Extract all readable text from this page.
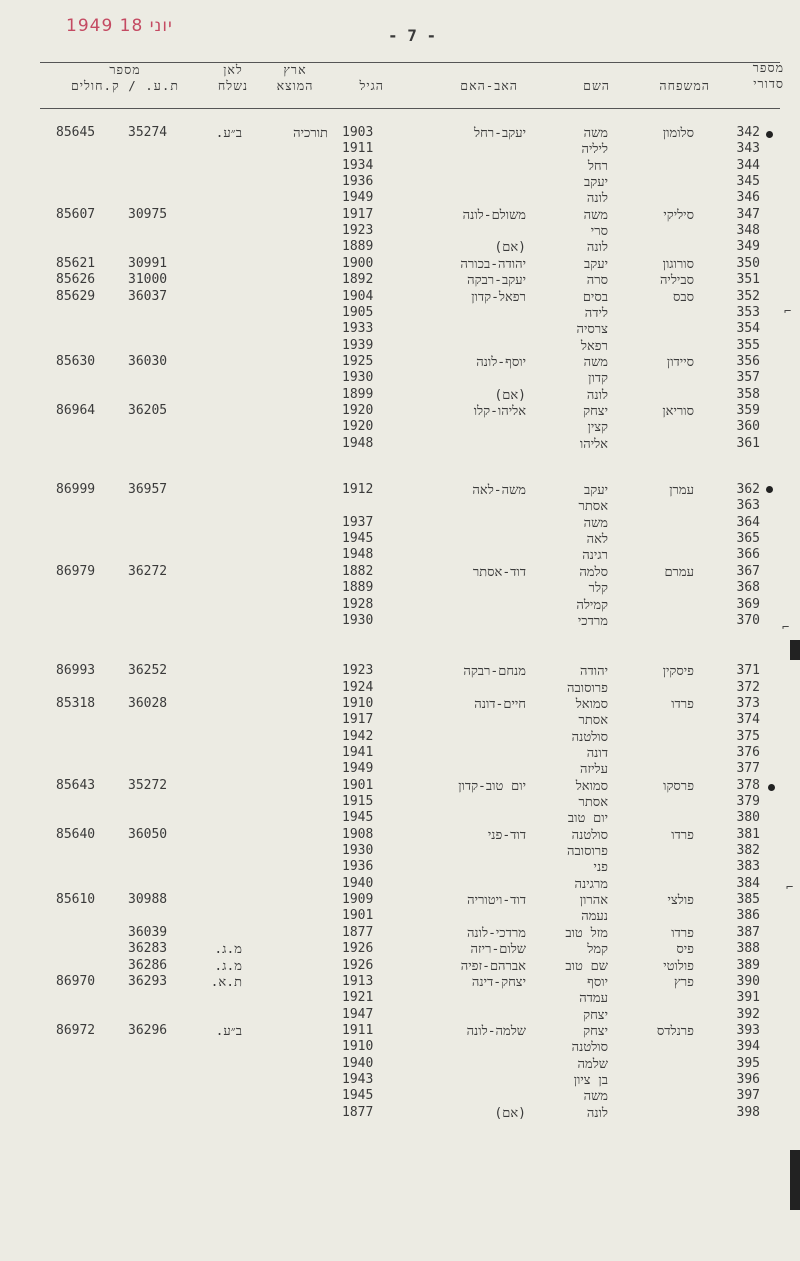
1949 יוני 18	- 7 -
מספר
סדורי
המשפחה
השם
האב-האם
הגיל
ארץ
המוצא
לאן
נשלח
מספר
ת.ע. / ק.חולים
342
סלומון
משה
יעקב-רחל
1903
תורכיה
ב״ע.
35274
85645
343
ליליה
1911
344
רחל
1934
345
יעקב
1936
346
לונה
1949
347
סיליקי
משה
משולם-לונה
1917
30975
85607
348
סרי
1923
349
לונה
(אם)
1889
350
סורוגון
יעקב
יהודה-בכורה
1900
30991
85621
351
סביליה
סרה
יעקב-רבקה
1892
31000
85626
352
סבס
בסים
רפאל-קדון
1904
36037
85629
353
לידה
1905
354
צרסיה
1933
355
רפאל
1939
356
סיידון
משה
יוסף-לונה
1925
36030
85630
357
קדון
1930
358
לונה
(אם)
1899
359
סוריאן
יצחק
אליהו-קלו
1920
36205
86964
360
קצין
1920
361
אליהו
1948
362
עמרן
יעקב
משה-לאה
1912
36957
86999
363
אסתר
364
משה
1937
365
לאה
1945
366
רגינה
1948
367
עמרם
סלמה
דוד-אסתר
1882
36272
86979
368
קלר
1889
369
קמילה
1928
370
מרדכי
1930
371
פיסקין
יהודה
מנחם-רבקה
1923
36252
86993
372
פרוסובה
1924
373
פרדו
סמואל
חיים-דונה
1910
36028
85318
374
אסתר
1917
375
סולטנה
1942
376
דונה
1941
377
עליזה
1949
378
פרסקו
סמואל
יום טוב-קדון
1901
35272
85643
379
אסתר
1915
380
יום טוב
1945
381
פרדו
סולטנה
דוד-פני
1908
36050
85640
382
פרוסובה
1930
383
פני
1936
384
מרגינה
1940
385
פולצי
אהרון
דוד-ויטוריה
1909
30988
85610
386
נעמה
1901
387
פרדו
מזל טוב
מרדכי-לונה
1877
36039
388
פיס
קמל
שלום-ריזה
1926
מ.ג.
36283
389
פולוטי
שם טוב
אברהם-זפיה
1926
מ.ג.
36286
390
פרץ
יוסף
יצחק-דינה
1913
ת.א.
36293
86970
391
עמדה
1921
392
יצחק
1947
393
פרנלדס
יצחק
שלמה-לונה
1911
ב״ע.
36296
86972
394
סולטנה
1910
395
שלמה
1940
396
בן ציון
1943
397
משה
1945
398
לונה
(אם)
1877
⌐
⌐
⌐
